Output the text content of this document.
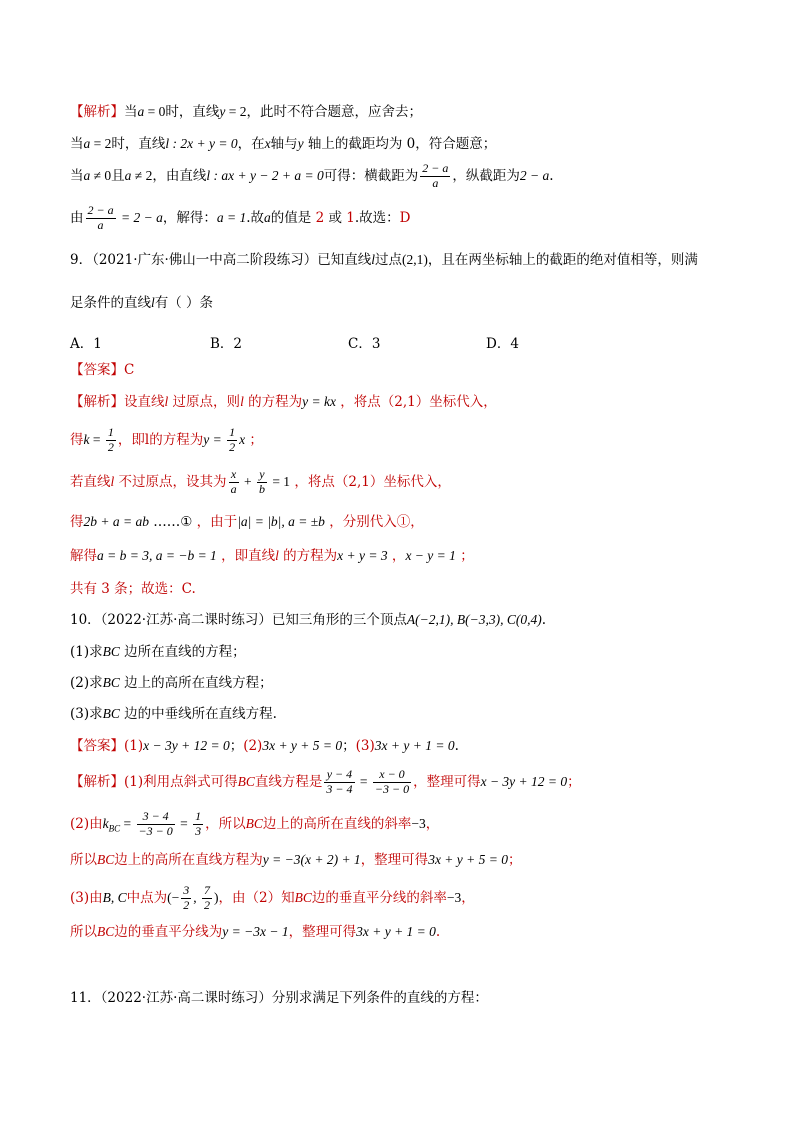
【解析】当a = 0时，直线y = 2，此时不符合题意，应舍去；
当a = 2时，直线l : 2x + y = 0，在x轴与y 轴上的截距均为 0，符合题意；
当a ≠ 0且a ≠ 2，由直线l : ax + y − 2 + a = 0可得：横截距为 $\frac{2 - a}{a}$ ，纵截距为2 − a.
由 $\frac{2 - a}{a} = 2 - a$，解得：a = 1.故a的值是 2 或 1.故选：D
9．（2021·广东·佛山一中高二阶段练习）已知直线l过点(2,1)，且在两坐标轴上的截距的绝对值相等，则满
足条件的直线l有（ ）条
A．1	B．2	C．3	D．4
【答案】C
【解析】设直线l 过原点，则l 的方程为y = kx ，将点（2,1）坐标代入，
得$k = \frac{1}{2}$ ，即l的方程为$y = \frac{1}{2}$ x ；
若直线l 不过原点，设其为 $\frac{x}{a} + \frac{y}{b} = 1$ ，将点（2,1）坐标代入，
得2b + a = ab ……① ，由于|a| = |b|, a = ±b ，分别代入①，
解得a = b = 3, a = −b = 1 ，即直线l 的方程为x + y = 3 ，x − y = 1 ；
共有 3 条；故选：C.
10．（2022·江苏·高二课时练习）已知三角形的三个顶点A(−2,1), B(−3,3), C(0,4).
(1)求BC 边所在直线的方程；
(2)求BC 边上的高所在直线方程；
(3)求BC 边的中垂线所在直线方程.
【答案】(1)x − 3y + 12 = 0；(2)3x + y + 5 = 0；(3)3x + y + 1 = 0.
【解析】(1)利用点斜式可得BC直线方程是 $\frac{y - 4}{3 - 4} = \frac{x - 0}{-3 - 0}$ ，整理可得x − 3y + 12 = 0；
(2)由$k_{BC} = \frac{3 - 4}{-3 - 0} = \frac{1}{3}$ ，所以BC边上的高所在直线的斜率−3，
所以BC边上的高所在直线方程为y = −3(x + 2) + 1，整理可得3x + y + 5 = 0；
(3)由B, C中点为(− $\frac{3}{2}$ , $\frac{7}{2}$ )，由（2）知BC边的垂直平分线的斜率−3，
所以BC边的垂直平分线为y = −3x − 1，整理可得3x + y + 1 = 0.
11．（2022·江苏·高二课时练习）分别求满足下列条件的直线的方程：
